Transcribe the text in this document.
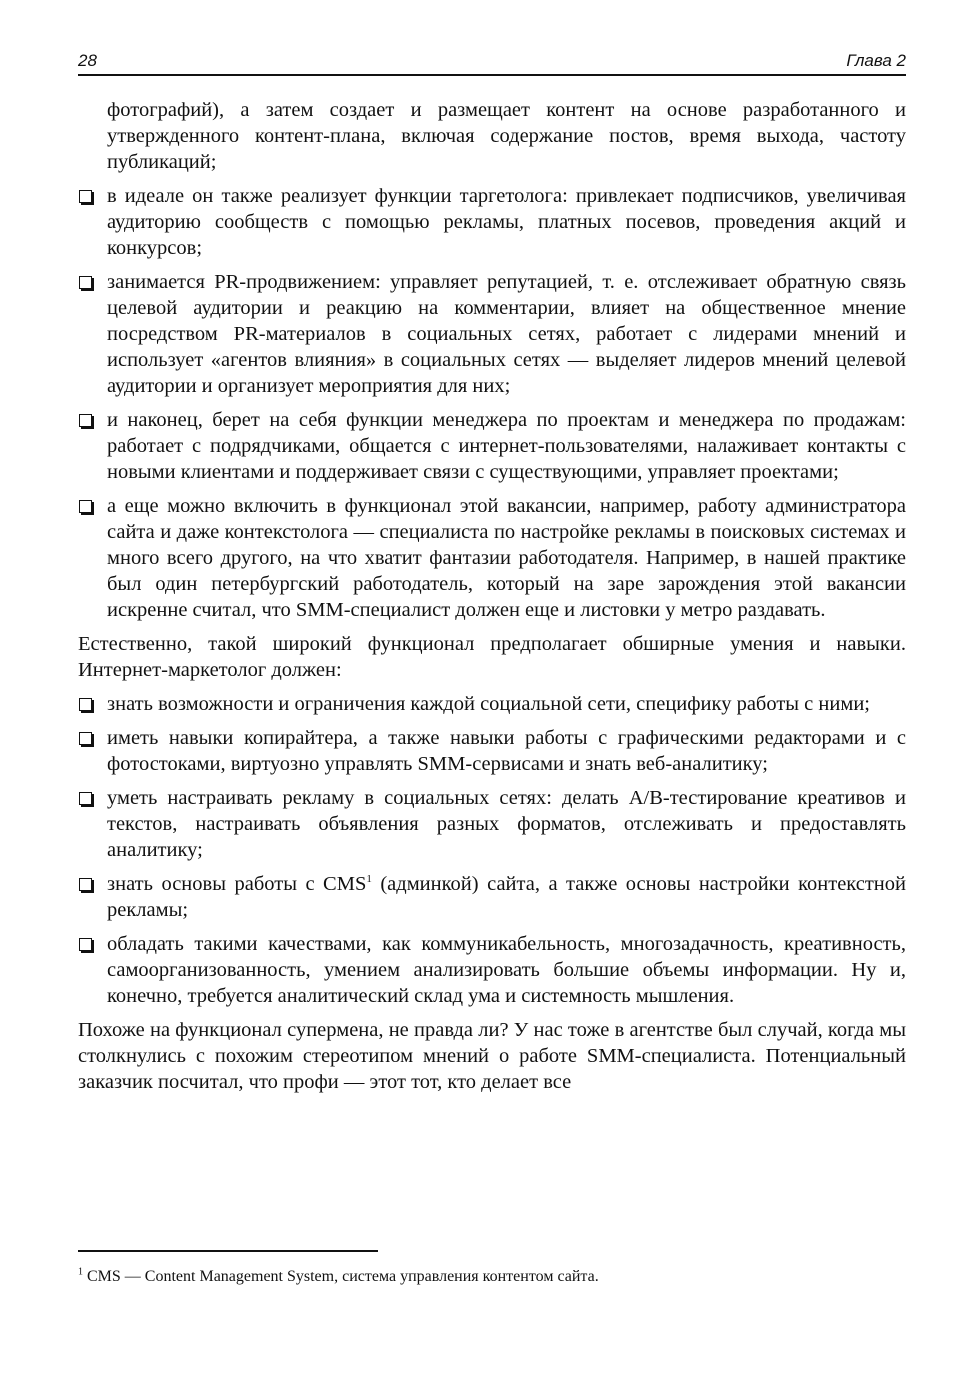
28	Глава 2

фотографий), а затем создает и размещает контент на основе разработанного и утвержденного контент-плана, включая содержание постов, время выхода, частоту публикаций;

в идеале он также реализует функции таргетолога: привлекает подписчиков, увеличивая аудиторию сообществ с помощью рекламы, платных посевов, проведения акций и конкурсов;
занимается PR-продвижением: управляет репутацией, т. е. отслеживает обратную связь целевой аудитории и реакцию на комментарии, влияет на общественное мнение посредством PR-материалов в социальных сетях, работает с лидерами мнений и использует «агентов влияния» в социальных сетях — выделяет лидеров мнений целевой аудитории и организует мероприятия для них;
и наконец, берет на себя функции менеджера по проектам и менеджера по продажам: работает с подрядчиками, общается с интернет-пользователями, налаживает контакты с новыми клиентами и поддерживает связи с существующими, управляет проектами;
а еще можно включить в функционал этой вакансии, например, работу администратора сайта и даже контекстолога — специалиста по настройке рекламы в поисковых системах и много всего другого, на что хватит фантазии работодателя. Например, в нашей практике был один петербургский работодатель, который на заре зарождения этой вакансии искренне считал, что SMM-специалист должен еще и листовки у метро раздавать.

Естественно, такой широкий функционал предполагает обширные умения и навыки. Интернет-маркетолог должен:

знать возможности и ограничения каждой социальной сети, специфику работы с ними;
иметь навыки копирайтера, а также навыки работы с графическими редакторами и с фотостоками, виртуозно управлять SMM-сервисами и знать веб-аналитику;
уметь настраивать рекламу в социальных сетях: делать A/B-тестирование креативов и текстов, настраивать объявления разных форматов, отслеживать и предоставлять аналитику;
знать основы работы с CMS$^1$ (админкой) сайта, а также основы настройки контекстной рекламы;
обладать такими качествами, как коммуникабельность, многозадачность, креативность, самоорганизованность, умением анализировать большие объемы информации. Ну и, конечно, требуется аналитический склад ума и системность мышления.

Похоже на функционал супермена, не правда ли? У нас тоже в агентстве был случай, когда мы столкнулись с похожим стереотипом мнений о работе SMM-специалиста. Потенциальный заказчик посчитал, что профи — этот тот, кто делает все

$^1$ CMS — Content Management System, система управления контентом сайта.
